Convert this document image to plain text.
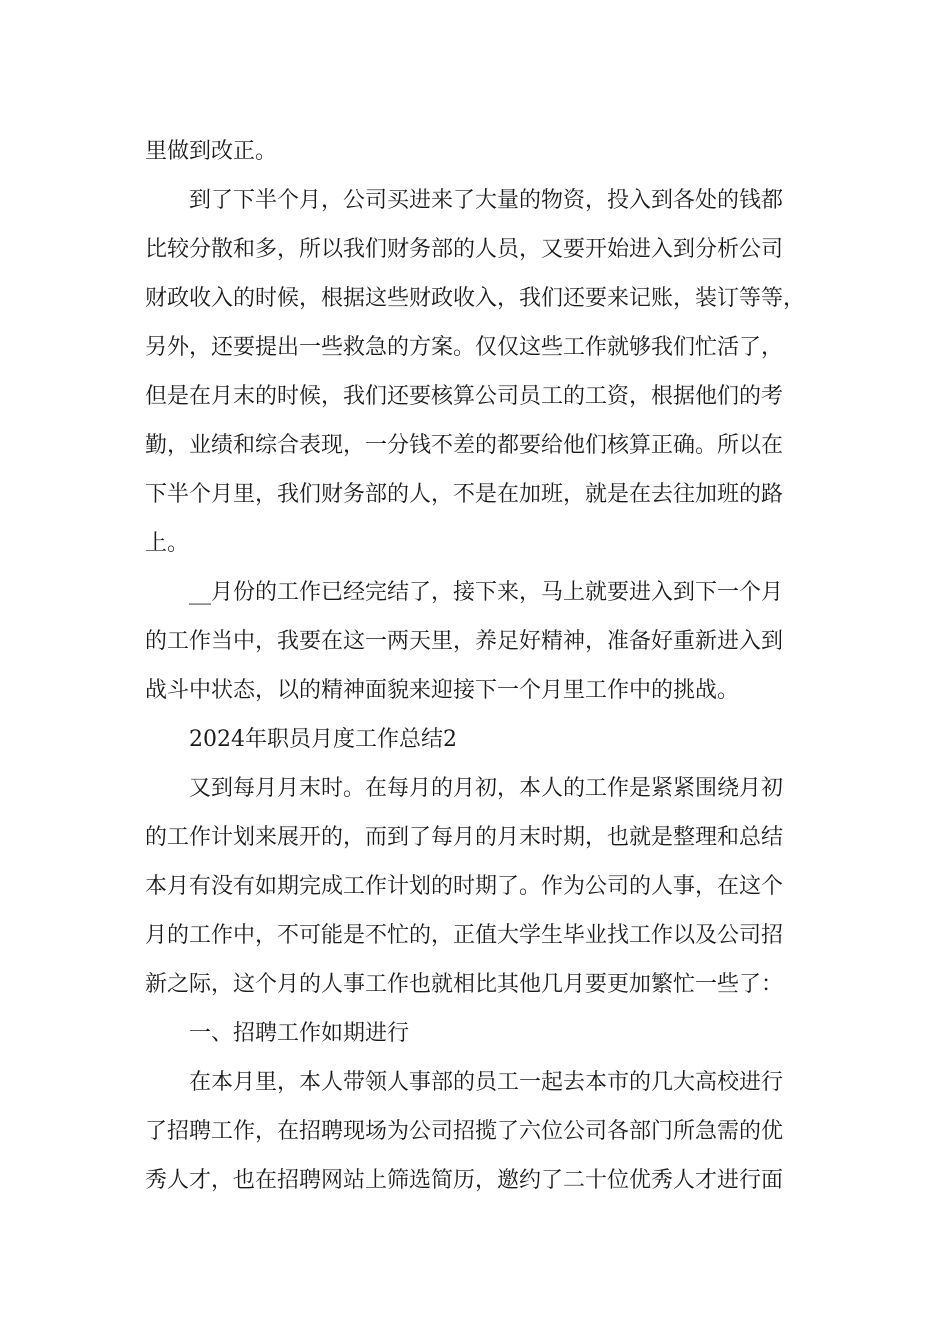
里做到改正。
到了下半个月，公司买进来了大量的物资，投入到各处的钱都
比较分散和多，所以我们财务部的人员，又要开始进入到分析公司
财政收入的时候，根据这些财政收入，我们还要来记账，装订等等，
另外，还要提出一些救急的方案。仅仅这些工作就够我们忙活了，
但是在月末的时候，我们还要核算公司员工的工资，根据他们的考
勤，业绩和综合表现，一分钱不差的都要给他们核算正确。所以在
下半个月里，我们财务部的人，不是在加班，就是在去往加班的路
上。
__月份的工作已经完结了，接下来，马上就要进入到下一个月
的工作当中，我要在这一两天里，养足好精神，准备好重新进入到
战斗中状态，以的精神面貌来迎接下一个月里工作中的挑战。
2024年职员月度工作总结2
又到每月月末时。在每月的月初，本人的工作是紧紧围绕月初
的工作计划来展开的，而到了每月的月末时期，也就是整理和总结
本月有没有如期完成工作计划的时期了。作为公司的人事，在这个
月的工作中，不可能是不忙的，正值大学生毕业找工作以及公司招
新之际，这个月的人事工作也就相比其他几月要更加繁忙一些了：
一、招聘工作如期进行
在本月里，本人带领人事部的员工一起去本市的几大高校进行
了招聘工作，在招聘现场为公司招揽了六位公司各部门所急需的优
秀人才，也在招聘网站上筛选简历，邀约了二十位优秀人才进行面
